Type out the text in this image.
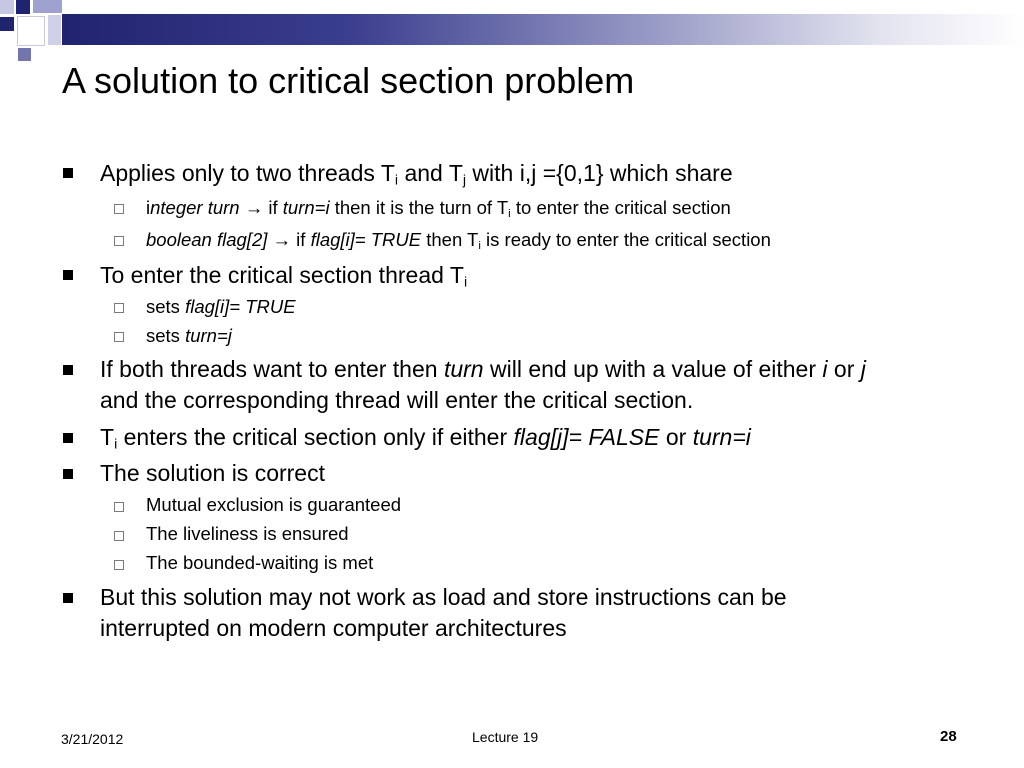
A solution to critical section problem
Applies only to two threads $T_i$ and $T_j$ with i,j ={0,1} which share
integer turn → if turn=i then it is the turn of $T_i$ to enter the critical section
boolean flag[2] → if flag[i]= TRUE then $T_i$ is ready to enter the critical section
To enter the critical section thread $T_i$
sets flag[i]= TRUE
sets turn=j
If both threads want to enter then turn will end up with a value of either i or j
and the corresponding thread will enter the critical section.
$T_i$ enters the critical section only if either flag[j]= FALSE or turn=i
The solution is correct
Mutual exclusion is guaranteed
The liveliness is ensured
The bounded-waiting is met
But this solution may not work as load and store instructions can be
interrupted on modern computer architectures
3/21/2012	Lecture 19	28
